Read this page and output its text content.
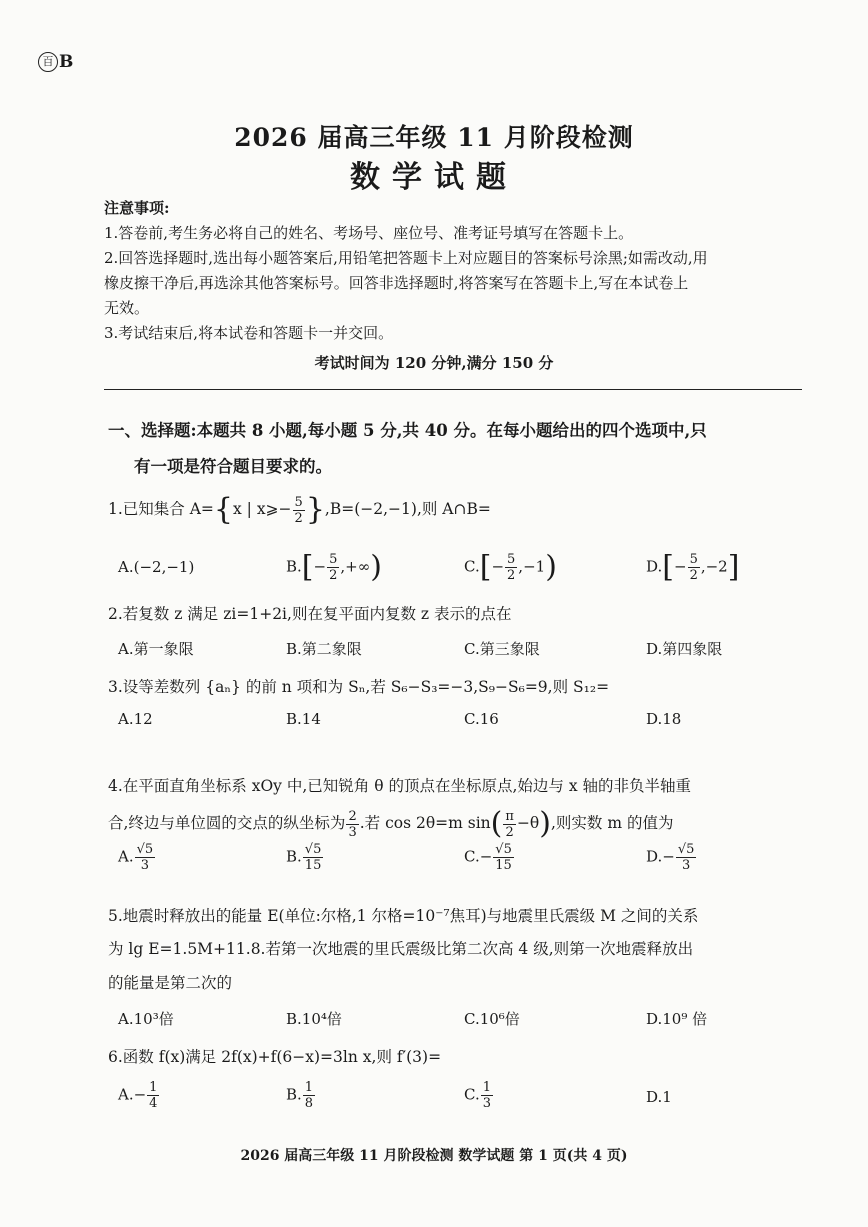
百 B
2026 届高三年级 11 月阶段检测
数学试题
注意事项:
1.答卷前,考生务必将自己的姓名、考场号、座位号、准考证号填写在答题卡上。
2.回答选择题时,选出每小题答案后,用铅笔把答题卡上对应题目的答案标号涂黑;如需改动,用
橡皮擦干净后,再选涂其他答案标号。回答非选择题时,将答案写在答题卡上,写在本试卷上
无效。
3.考试结束后,将本试卷和答题卡一并交回。
考试时间为 120 分钟,满分 150 分
一、选择题:本题共 8 小题,每小题 5 分,共 40 分。在每小题给出的四个选项中,只
有一项是符合题目要求的。
1.已知集合 A={x | x⩾− $\frac{5}{2} \},B=(-2,-1)$,则 A∩B=
A.(−2,−1)	$B.[- \frac{5}{2}$ ,+∞)	$C.[- \frac{5}{2} ,-1)$	$D.[- \frac{5}{2} ,-2]$
2.若复数 z 满足 zi=1+2i,则在复平面内复数 z 表示的点在
A.第一象限	B.第二象限	C.第三象限	D.第四象限
3.设等差数列 {aₙ} 的前 n 项和为 Sₙ,若 S₆−S₃=−3,S₉−S₆=9,则 S₁₂=
A.12	B.14	C.16	D.18
4.在平面直角坐标系 xOy 中,已知锐角 θ 的顶点在坐标原点,始边与 x 轴的非负半轴重
合,终边与单位圆的交点的纵坐标为 $\frac{2}{3}$ .若 cos 2θ=m $\sin( \frac{\pi}{2} -\theta)$,则实数 m 的值为
A. $\frac{√5}{3}$	B. $\frac{√5}{15}$	$C.- \frac{√5}{15}$	$D.- \frac{√5}{3}$
5.地震时释放出的能量 E(单位:尔格,1 尔格=10⁻⁷焦耳)与地震里氏震级 M 之间的关系
为 lg E=1.5M+11.8.若第一次地震的里氏震级比第二次高 4 级,则第一次地震释放出
的能量是第二次的
A.10³倍	B.10⁴倍	C.10⁶倍	D.10⁹ 倍
6.函数 f(x)满足 2f(x)+f(6−x)=3ln x,则 f′(3)=
$A.- \frac{1}{4}$	B. $\frac{1}{8}$	C. $\frac{1}{3}$	D.1
2026 届高三年级 11 月阶段检测 数学试题 第 1 页(共 4 页)
